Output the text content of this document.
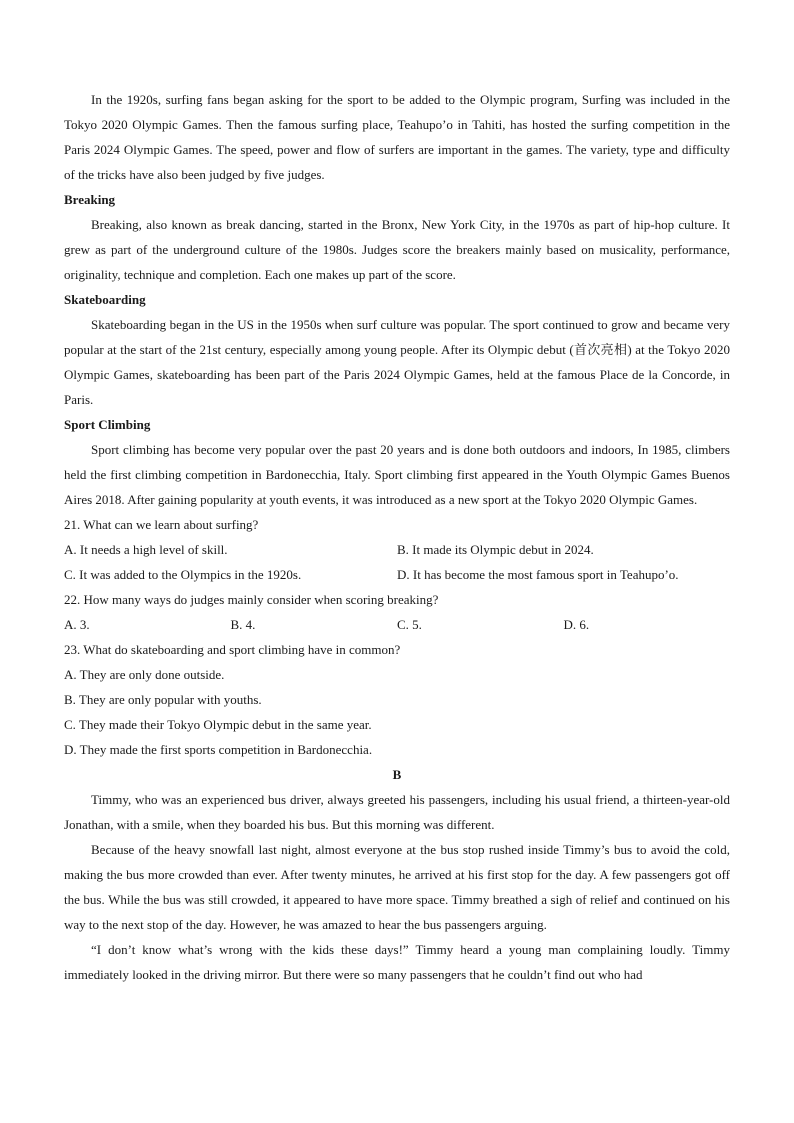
In the 1920s, surfing fans began asking for the sport to be added to the Olympic program, Surfing was included in the Tokyo 2020 Olympic Games. Then the famous surfing place, Teahupo’o in Tahiti, has hosted the surfing competition in the Paris 2024 Olympic Games. The speed, power and flow of surfers are important in the games. The variety, type and difficulty of the tricks have also been judged by five judges.

Breaking

Breaking, also known as break dancing, started in the Bronx, New York City, in the 1970s as part of hip-hop culture. It grew as part of the underground culture of the 1980s. Judges score the breakers mainly based on musicality, performance, originality, technique and completion. Each one makes up part of the score.

Skateboarding

Skateboarding began in the US in the 1950s when surf culture was popular. The sport continued to grow and became very popular at the start of the 21st century, especially among young people. After its Olympic debut (首次亮相) at the Tokyo 2020 Olympic Games, skateboarding has been part of the Paris 2024 Olympic Games, held at the famous Place de la Concorde, in Paris.

Sport Climbing

Sport climbing has become very popular over the past 20 years and is done both outdoors and indoors, In 1985, climbers held the first climbing competition in Bardonecchia, Italy. Sport climbing first appeared in the Youth Olympic Games Buenos Aires 2018. After gaining popularity at youth events, it was introduced as a new sport at the Tokyo 2020 Olympic Games.

21. What can we learn about surfing?

A. It needs a high level of skill.	B. It made its Olympic debut in 2024.
C. It was added to the Olympics in the 1920s.	D. It has become the most famous sport in Teahupo’o.

22. How many ways do judges mainly consider when scoring breaking?

A. 3.	B. 4.	C. 5.	D. 6.

23. What do skateboarding and sport climbing have in common?

A. They are only done outside.

B. They are only popular with youths.

C. They made their Tokyo Olympic debut in the same year.

D. They made the first sports competition in Bardonecchia.

B

Timmy, who was an experienced bus driver, always greeted his passengers, including his usual friend, a thirteen-year-old Jonathan, with a smile, when they boarded his bus. But this morning was different.

Because of the heavy snowfall last night, almost everyone at the bus stop rushed inside Timmy’s bus to avoid the cold, making the bus more crowded than ever. After twenty minutes, he arrived at his first stop for the day. A few passengers got off the bus. While the bus was still crowded, it appeared to have more space. Timmy breathed a sigh of relief and continued on his way to the next stop of the day. However, he was amazed to hear the bus passengers arguing.

“I don’t know what’s wrong with the kids these days!” Timmy heard a young man complaining loudly. Timmy immediately looked in the driving mirror. But there were so many passengers that he couldn’t find out who had
